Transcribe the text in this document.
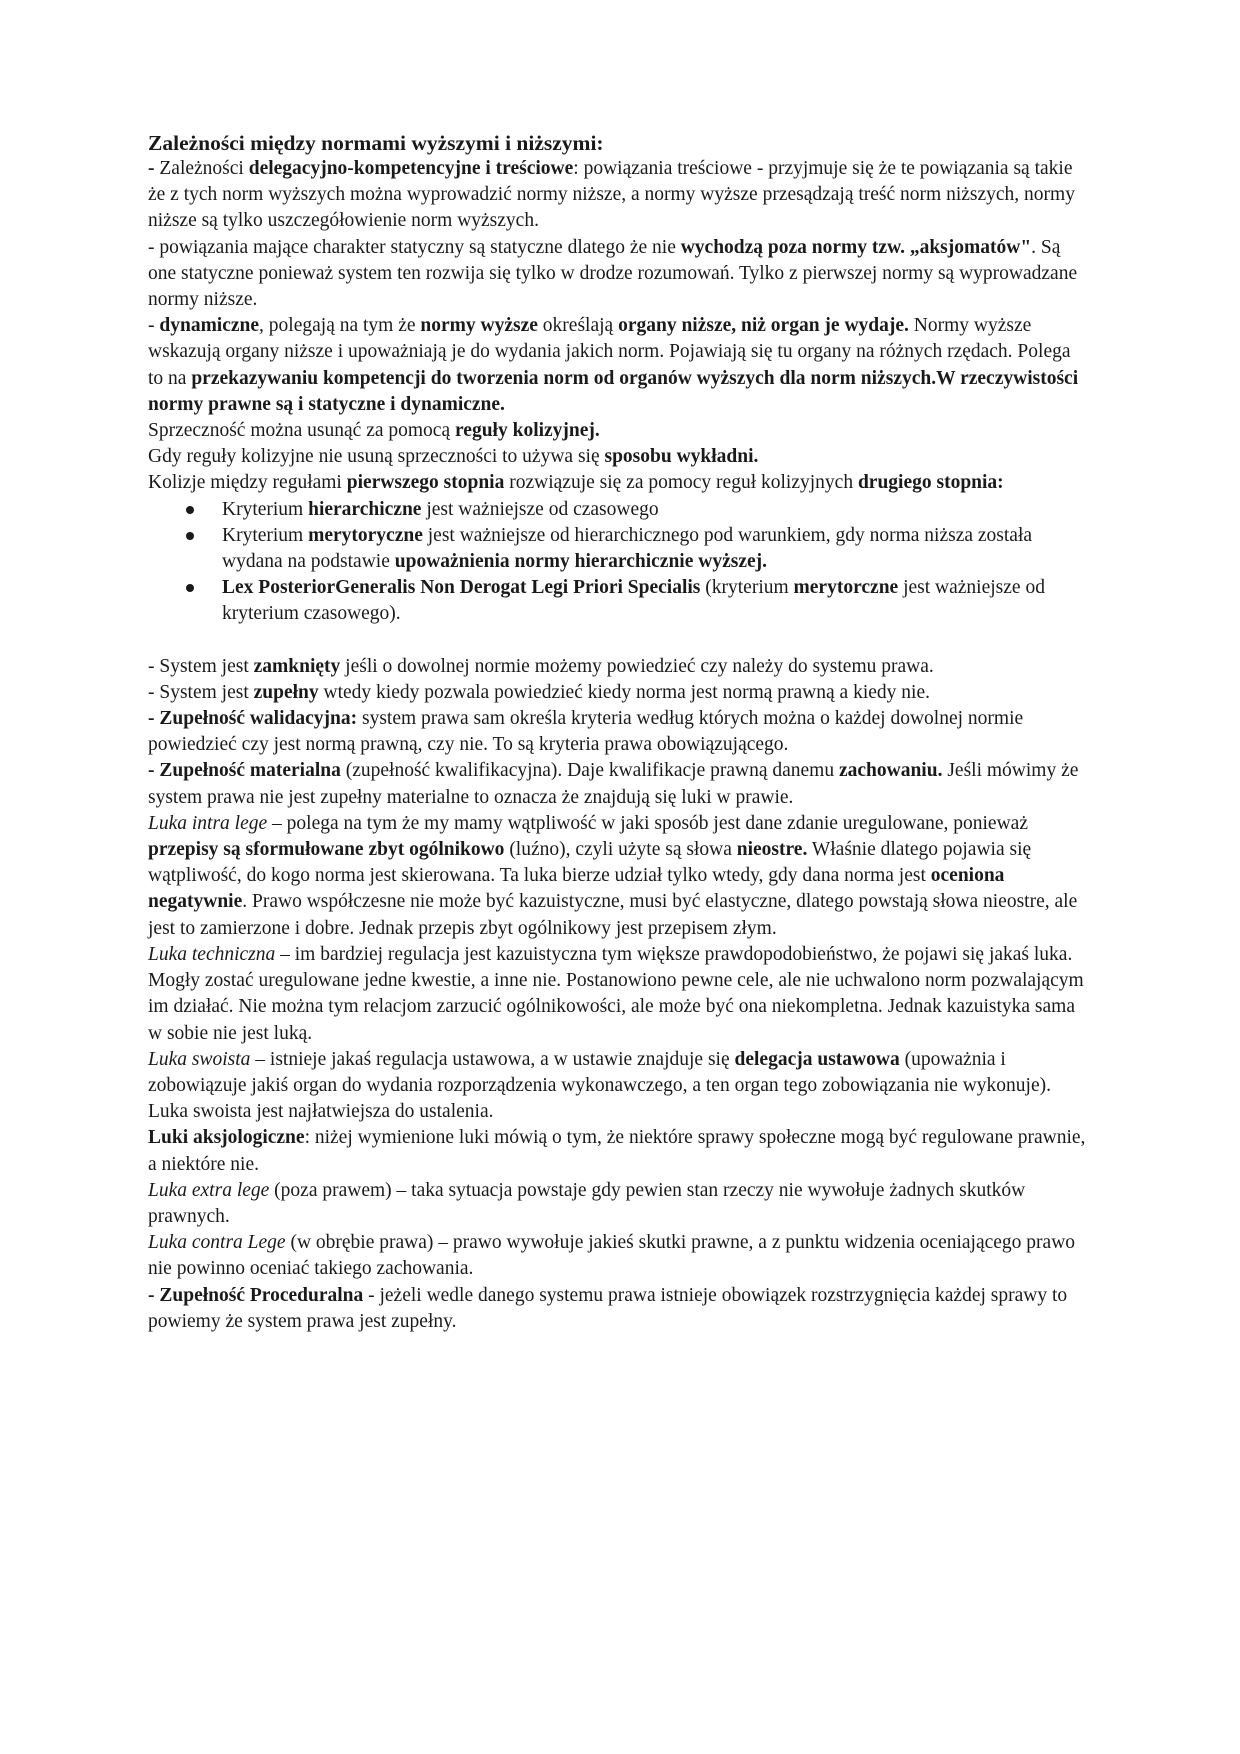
Zależności między normami wyższymi i niższymi:

- Zależności delegacyjno-kompetencyjne i treściowe: powiązania treściowe - przyjmuje się że te powiązania są takie że z tych norm wyższych można wyprowadzić normy niższe, a normy wyższe przesądzają treść norm niższych, normy niższe są tylko uszczegółowienie norm wyższych.

- powiązania mające charakter statyczny są statyczne dlatego że nie wychodzą poza normy tzw. „aksjomatów". Są one statyczne ponieważ system ten rozwija się tylko w drodze rozumowań. Tylko z pierwszej normy są wyprowadzane normy niższe.

- dynamiczne, polegają na tym że normy wyższe określają organy niższe, niż organ je wydaje. Normy wyższe wskazują organy niższe i upoważniają je do wydania jakich norm. Pojawiają się tu organy na różnych rzędach. Polega to na przekazywaniu kompetencji do tworzenia norm od organów wyższych dla norm niższych.W rzeczywistości normy prawne są i statyczne i dynamiczne.

Sprzeczność można usunąć za pomocą reguły kolizyjnej.

Gdy reguły kolizyjne nie usuną sprzeczności to używa się sposobu wykładni.

Kolizje między regułami pierwszego stopnia rozwiązuje się za pomocy reguł kolizyjnych drugiego stopnia:

Kryterium hierarchiczne jest ważniejsze od czasowego
Kryterium merytoryczne jest ważniejsze od hierarchicznego pod warunkiem, gdy norma niższa została wydana na podstawie upoważnienia normy hierarchicznie wyższej.
Lex PosteriorGeneralis Non Derogat Legi Priori Specialis (kryterium merytorczne jest ważniejsze od kryterium czasowego).

- System jest zamknięty jeśli o dowolnej normie możemy powiedzieć czy należy do systemu prawa.

- System jest zupełny wtedy kiedy pozwala powiedzieć kiedy norma jest normą prawną a kiedy nie.

- Zupełność walidacyjna: system prawa sam określa kryteria według których można o każdej dowolnej normie powiedzieć czy jest normą prawną, czy nie. To są kryteria prawa obowiązującego.

- Zupełność materialna (zupełność kwalifikacyjna). Daje kwalifikacje prawną danemu zachowaniu. Jeśli mówimy że system prawa nie jest zupełny materialne to oznacza że znajdują się luki w prawie.

Luka intra lege – polega na tym że my mamy wątpliwość w jaki sposób jest dane zdanie uregulowane, ponieważ przepisy są sformułowane zbyt ogólnikowo (luźno), czyli użyte są słowa nieostre. Właśnie dlatego pojawia się wątpliwość, do kogo norma jest skierowana. Ta luka bierze udział tylko wtedy, gdy dana norma jest oceniona negatywnie. Prawo współczesne nie może być kazuistyczne, musi być elastyczne, dlatego powstają słowa nieostre, ale jest to zamierzone i dobre. Jednak przepis zbyt ogólnikowy jest przepisem złym.

Luka techniczna – im bardziej regulacja jest kazuistyczna tym większe prawdopodobieństwo, że pojawi się jakaś luka. Mogły zostać uregulowane jedne kwestie, a inne nie. Postanowiono pewne cele, ale nie uchwalono norm pozwalającym im działać. Nie można tym relacjom zarzucić ogólnikowości, ale może być ona niekompletna. Jednak kazuistyka sama w sobie nie jest luką.

Luka swoista – istnieje jakaś regulacja ustawowa, a w ustawie znajduje się delegacja ustawowa (upoważnia i zobowiązuje jakiś organ do wydania rozporządzenia wykonawczego, a ten organ tego zobowiązania nie wykonuje). Luka swoista jest najłatwiejsza do ustalenia.

Luki aksjologiczne: niżej wymienione luki mówią o tym, że niektóre sprawy społeczne mogą być regulowane prawnie, a niektóre nie.

Luka extra lege (poza prawem) – taka sytuacja powstaje gdy pewien stan rzeczy nie wywołuje żadnych skutków prawnych.

Luka contra Lege (w obrębie prawa) – prawo wywołuje jakieś skutki prawne, a z punktu widzenia oceniającego prawo nie powinno oceniać takiego zachowania.

- Zupełność Proceduralna - jeżeli wedle danego systemu prawa istnieje obowiązek rozstrzygnięcia każdej sprawy to powiemy że system prawa jest zupełny.
